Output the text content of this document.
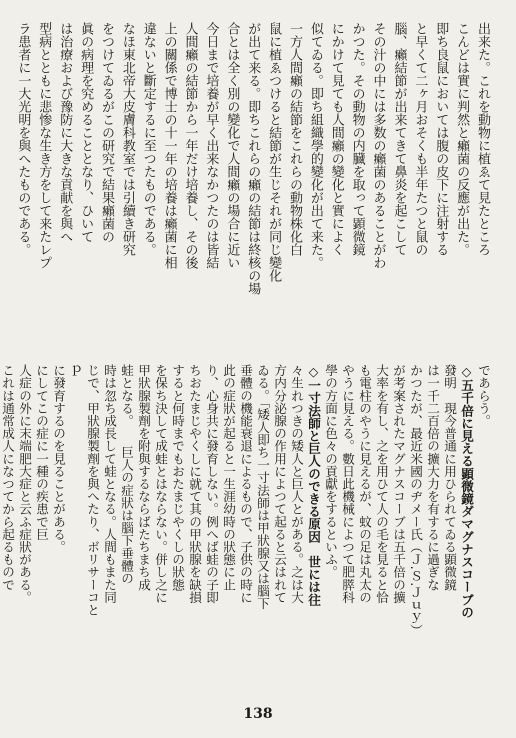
出来た。これを動物に植ゑて見たところ
こんどは實に判然と癩菌の反應が出た。
即ち良鼠においては腹の皮下に注射する
と早くて二ヶ月おそくも半年たつと鼠の
腦、癩結節が出来てきて鼻炎を起こして
その汁の中には多数の癩菌のあることがわ
かつた。その動物の内臓を取って顕微鏡
にかけて見ても人間癩の變化と實によく
似てゐる。即ち組織學的變化が出て来た。
一方人間癩の結節をこれらの動物株化白
鼠に植ゑつけると結節が生じそれが同じ變化
が出て来る。即ちこれらの癩の結節は終核の場
合とは全く別の變化で人間癩の場合に近い
今日まで培養が早く出来なかつたのは皆結
人間癩の結節から一年だけ培養し、その後
上の關係で博士の十一年の培養は癩菌に相
違ないと斷定するに至つたものである。
なほ東北帝大皮膚科教室では引續き研究
をつけてゐるがこの研究で結果癩菌の
眞の病理を究めることとなり、ひいて
は治療および豫防に大きな貢献を與へ
型病とともに悲惨な生き方をして来たレプ
ラ患者に一大光明を與へたものである。
であらう。
◇五千倍に見える顕微鏡ダマグナスコーブの
發明　現今普通に用ひられてゐる顕微鏡
は一千二百倍の擴大力を有するに過ぎな
かつたが、最近米國のヂメー氏（Ｊ.Ｓ.Ｊｕｙ）
が考案されたマグナスコーブは五千倍の擴
大率を有し、之を用ひて人の毛を見ると恰
も電柱のやうに見えるが、蚊の足は丸太の
やうに見える。數日此機械によつて肥膵科
學の方面に色々の貢獻をするといふ。
◇一寸法師と巨人のできる原因　世には往
々生れつきの矮人と巨人とがある。之は大
方内分泌腺の作用によつて起ると云はれて
ゐる。「矮人即ち一寸法師は甲狀腺又は腦下
垂體の機能衰退によるもので、子供の時に
此の症狀が起ると一生涯幼時の狀態に止
り、心身共に發育しない。例へば蛙の子即
ちおたまじやくしに就て其の甲狀腺を缺損
すると何時までもおたまじやくしの狀態
を保ち決して成蛙とはならない。併し之に
甲狀腺製劑を附與するならばたちまち成
蛙となる。　　巨人の症狀は腦下垂體の
時は忽ち成長して蛙となる。人間もまた同
じで、甲狀腺製劑を與へたり、ボリサーコと
ｐ
に發育するのを見ることがある。
にしてこの症に一種の疾患で巨
人症の外に末端肥大症と云ふ症狀がある。
これは通常成人になつてから起るもので
138
